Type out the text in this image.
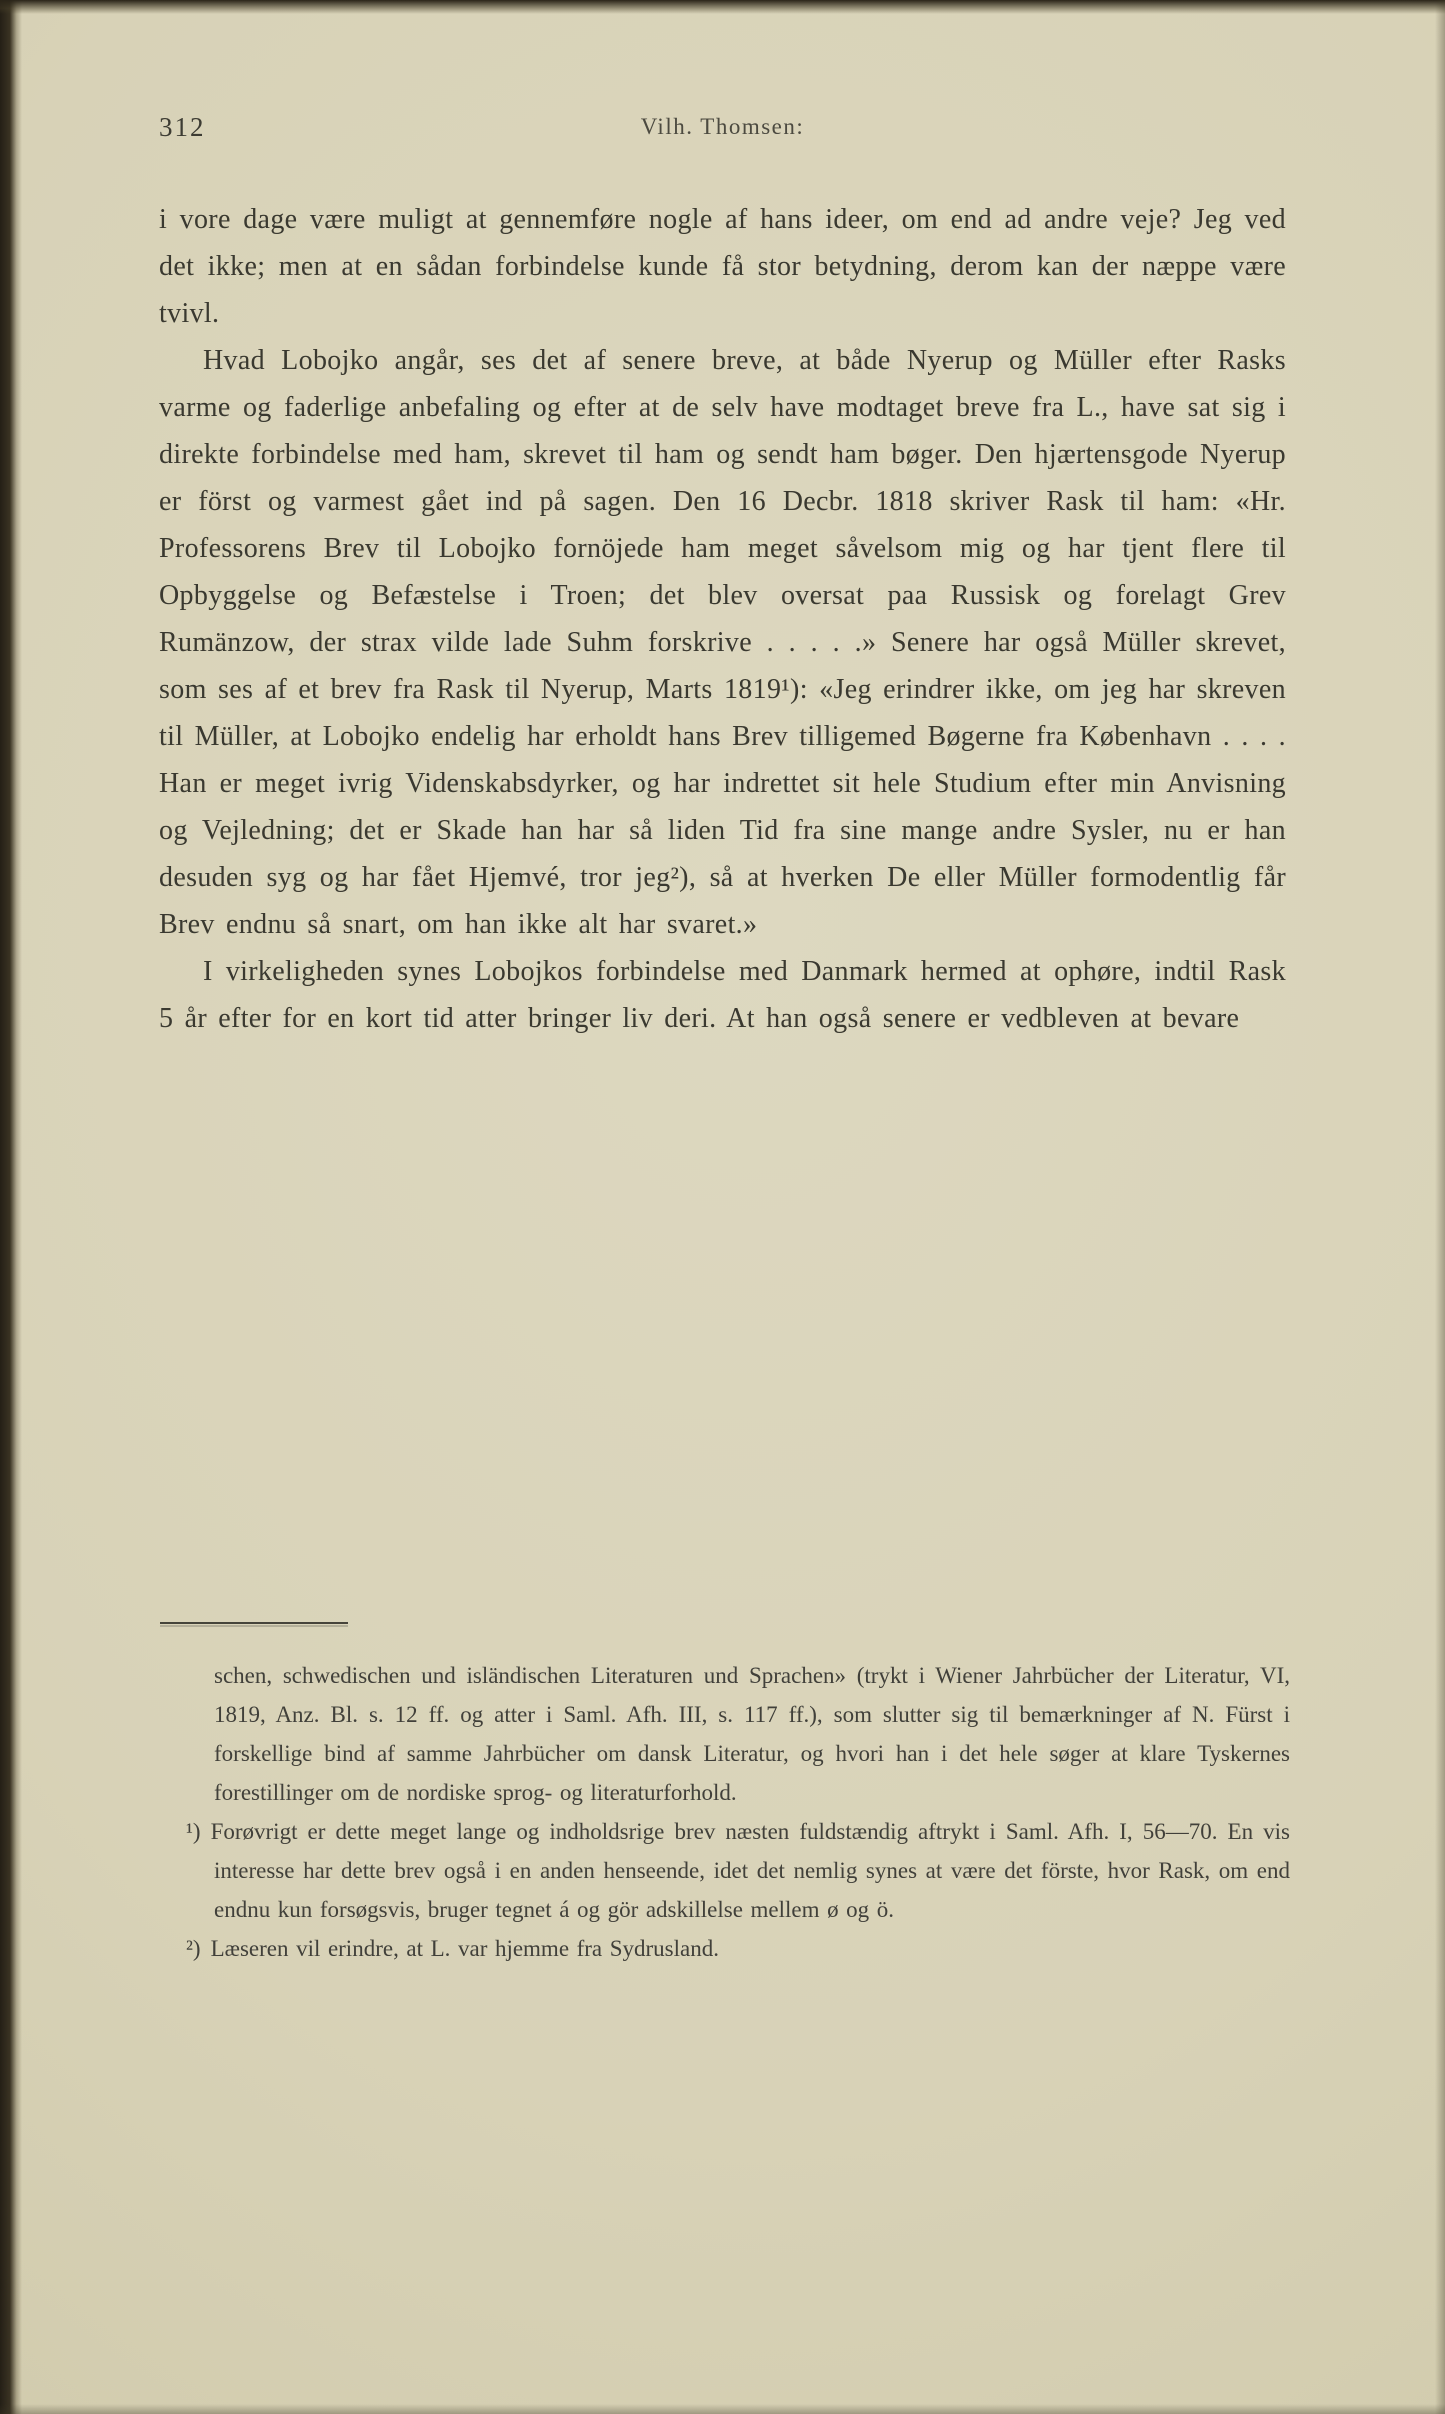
312	Vilh. Thomsen:

i vore dage være muligt at gennemføre nogle af hans ideer, om end ad andre veje? Jeg ved det ikke; men at en sådan forbindelse kunde få stor betydning, derom kan der næppe være tvivl.

Hvad Lobojko angår, ses det af senere breve, at både Nyerup og Müller efter Rasks varme og faderlige anbefaling og efter at de selv have modtaget breve fra L., have sat sig i direkte forbindelse med ham, skrevet til ham og sendt ham bøger. Den hjærtensgode Nyerup er först og varmest gået ind på sagen. Den 16 Decbr. 1818 skriver Rask til ham: «Hr. Professorens Brev til Lobojko fornöjede ham meget såvelsom mig og har tjent flere til Opbyggelse og Befæstelse i Troen; det blev oversat paa Russisk og forelagt Grev Rumänzow, der strax vilde lade Suhm forskrive . . . . .» Senere har også Müller skrevet, som ses af et brev fra Rask til Nyerup, Marts 1819¹): «Jeg erindrer ikke, om jeg har skreven til Müller, at Lobojko endelig har erholdt hans Brev tilligemed Bøgerne fra København . . . . Han er meget ivrig Videnskabsdyrker, og har indrettet sit hele Studium efter min Anvisning og Vejledning; det er Skade han har så liden Tid fra sine mange andre Sysler, nu er han desuden syg og har fået Hjemvé, tror jeg²), så at hverken De eller Müller formodentlig får Brev endnu så snart, om han ikke alt har svaret.»

I virkeligheden synes Lobojkos forbindelse med Danmark hermed at ophøre, indtil Rask 5 år efter for en kort tid atter bringer liv deri. At han også senere er vedbleven at bevare

schen, schwedischen und isländischen Literaturen und Sprachen» (trykt i Wiener Jahrbücher der Literatur, VI, 1819, Anz. Bl. s. 12 ff. og atter i Saml. Afh. III, s. 117 ff.), som slutter sig til bemærkninger af N. Fürst i forskellige bind af samme Jahrbücher om dansk Literatur, og hvori han i det hele søger at klare Tyskernes forestillinger om de nordiske sprog- og literaturforhold.

¹) Forøvrigt er dette meget lange og indholdsrige brev næsten fuldstændig aftrykt i Saml. Afh. I, 56—70. En vis interesse har dette brev også i en anden henseende, idet det nemlig synes at være det förste, hvor Rask, om end endnu kun forsøgsvis, bruger tegnet á og gör adskillelse mellem ø og ö.

²) Læseren vil erindre, at L. var hjemme fra Sydrusland.
